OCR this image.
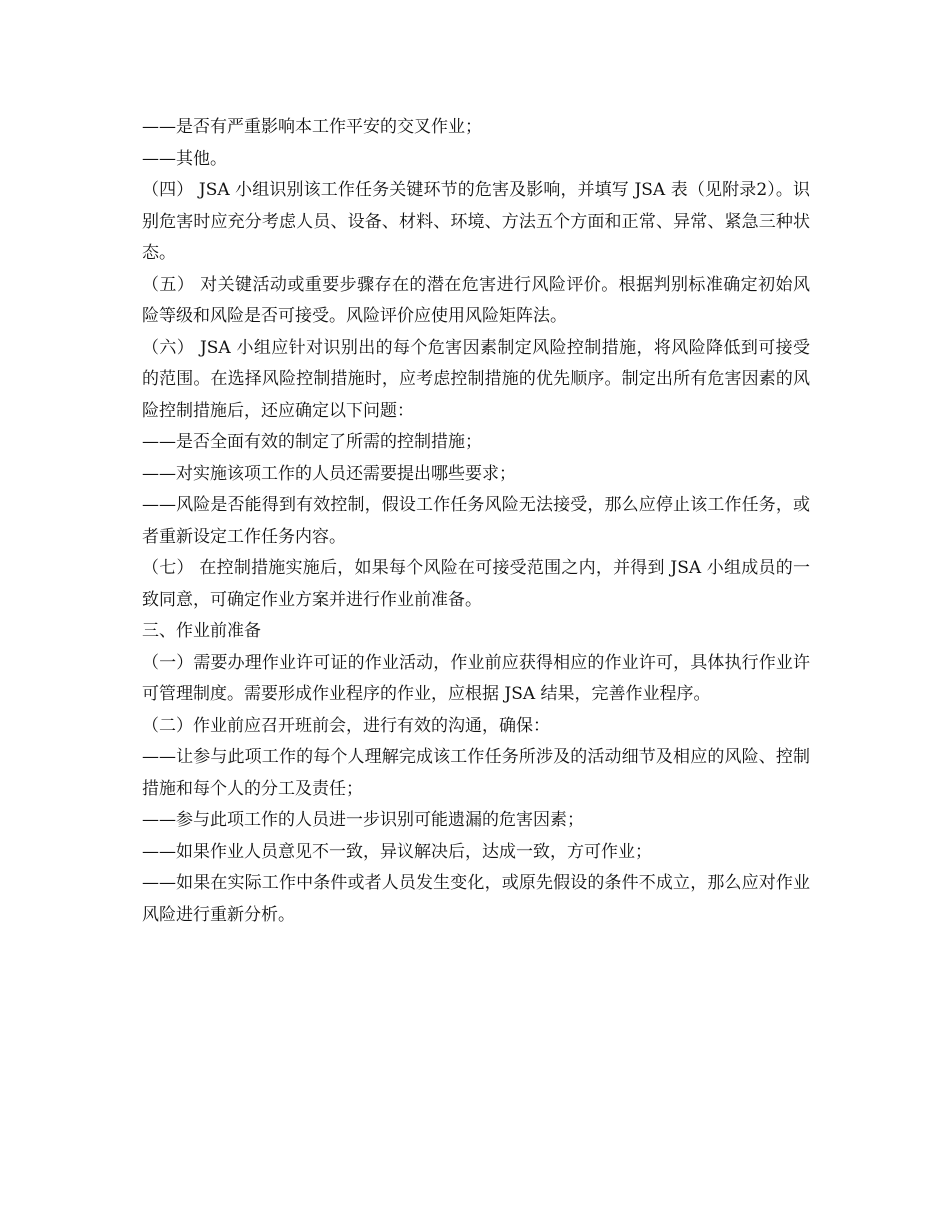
——是否有严重影响本工作平安的交叉作业；

——其他。

（四） JSA 小组识别该工作任务关键环节的危害及影响，并填写 JSA 表（见附录2）。识别危害时应充分考虑人员、设备、材料、环境、方法五个方面和正常、异常、紧急三种状态。

（五） 对关键活动或重要步骤存在的潜在危害进行风险评价。根据判别标准确定初始风险等级和风险是否可接受。风险评价应使用风险矩阵法。

（六） JSA 小组应针对识别出的每个危害因素制定风险控制措施，将风险降低到可接受的范围。在选择风险控制措施时，应考虑控制措施的优先顺序。制定出所有危害因素的风险控制措施后，还应确定以下问题：

——是否全面有效的制定了所需的控制措施；

——对实施该项工作的人员还需要提出哪些要求；

——风险是否能得到有效控制，假设工作任务风险无法接受，那么应停止该工作任务，或者重新设定工作任务内容。

（七） 在控制措施实施后，如果每个风险在可接受范围之内，并得到 JSA 小组成员的一致同意，可确定作业方案并进行作业前准备。

三、作业前准备

（一）需要办理作业许可证的作业活动，作业前应获得相应的作业许可，具体执行作业许可管理制度。需要形成作业程序的作业，应根据 JSA 结果，完善作业程序。

（二）作业前应召开班前会，进行有效的沟通，确保：

——让参与此项工作的每个人理解完成该工作任务所涉及的活动细节及相应的风险、控制措施和每个人的分工及责任；

——参与此项工作的人员进一步识别可能遗漏的危害因素；

——如果作业人员意见不一致，异议解决后，达成一致，方可作业；

——如果在实际工作中条件或者人员发生变化，或原先假设的条件不成立，那么应对作业风险进行重新分析。
